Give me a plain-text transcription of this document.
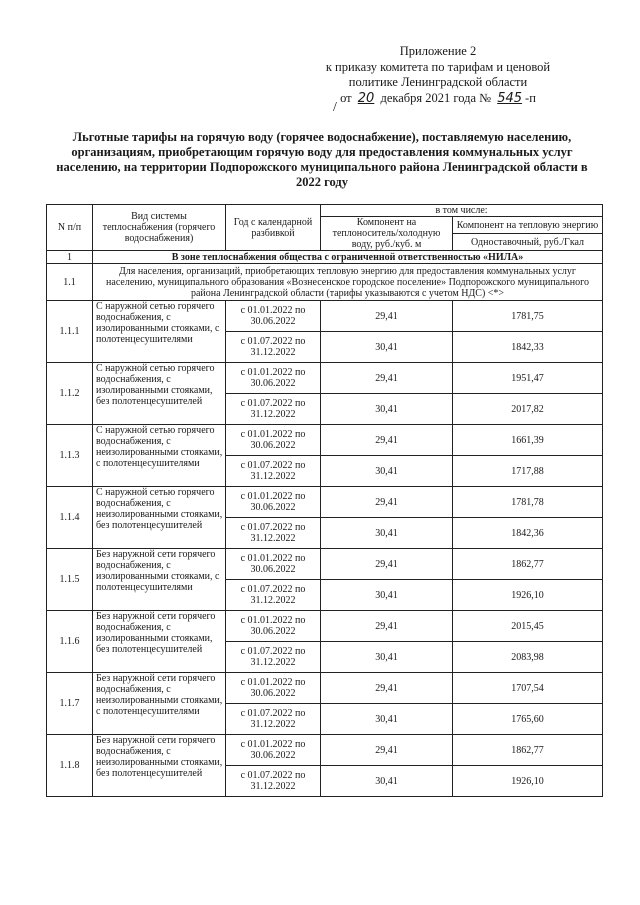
Приложение 2
к приказу комитета по тарифам и ценовой
политике Ленинградской области
от 20 декабря 2021 года № 545 -п
/
Льготные тарифы на горячую воду (горячее водоснабжение), поставляемую населению, организациям, приобретающим горячую воду для предоставления коммунальных услуг населению, на территории Подпорожского муниципального района Ленинградской области в 2022 году
N п/п	Вид системы теплоснабжения (горячего водоснабжения)	Год с календарной разбивкой	в том числе:	
			Компонент на теплоноситель/холодную воду, руб./куб. м	Компонент на тепловую энергию
				Одноставочный, руб./Гкал
1	В зоне теплоснабжения общества с ограниченной ответственностью «НИЛА»			
1.1	Для населения, организаций, приобретающих тепловую энергию для предоставления коммунальных услуг населению, муниципального образования «Вознесенское городское поселение» Подпорожского муниципального района Ленинградской области (тарифы указываются с учетом НДС) <*>			
1.1.1	С наружной сетью горячего водоснабжения, с изолированными стояками, с полотенцесушителями	с 01.01.2022 по 30.06.2022	29,41	1781,75
		с 01.07.2022 по 31.12.2022	30,41	1842,33
1.1.2	С наружной сетью горячего водоснабжения, с изолированными стояками, без полотенцесушителей	с 01.01.2022 по 30.06.2022	29,41	1951,47
		с 01.07.2022 по 31.12.2022	30,41	2017,82
1.1.3	С наружной сетью горячего водоснабжения, с неизолированными стояками, с полотенцесушителями	с 01.01.2022 по 30.06.2022	29,41	1661,39
		с 01.07.2022 по 31.12.2022	30,41	1717,88
1.1.4	С наружной сетью горячего водоснабжения, с неизолированными стояками, без полотенцесушителей	с 01.01.2022 по 30.06.2022	29,41	1781,78
		с 01.07.2022 по 31.12.2022	30,41	1842,36
1.1.5	Без наружной сети горячего водоснабжения, с изолированными стояками, с полотенцесушителями	с 01.01.2022 по 30.06.2022	29,41	1862,77
		с 01.07.2022 по 31.12.2022	30,41	1926,10
1.1.6	Без наружной сети горячего водоснабжения, с изолированными стояками, без полотенцесушителей	с 01.01.2022 по 30.06.2022	29,41	2015,45
		с 01.07.2022 по 31.12.2022	30,41	2083,98
1.1.7	Без наружной сети горячего водоснабжения, с неизолированными стояками, с полотенцесушителями	с 01.01.2022 по 30.06.2022	29,41	1707,54
		с 01.07.2022 по 31.12.2022	30,41	1765,60
1.1.8	Без наружной сети горячего водоснабжения, с неизолированными стояками, без полотенцесушителей	с 01.01.2022 по 30.06.2022	29,41	1862,77
		с 01.07.2022 по 31.12.2022	30,41	1926,10
